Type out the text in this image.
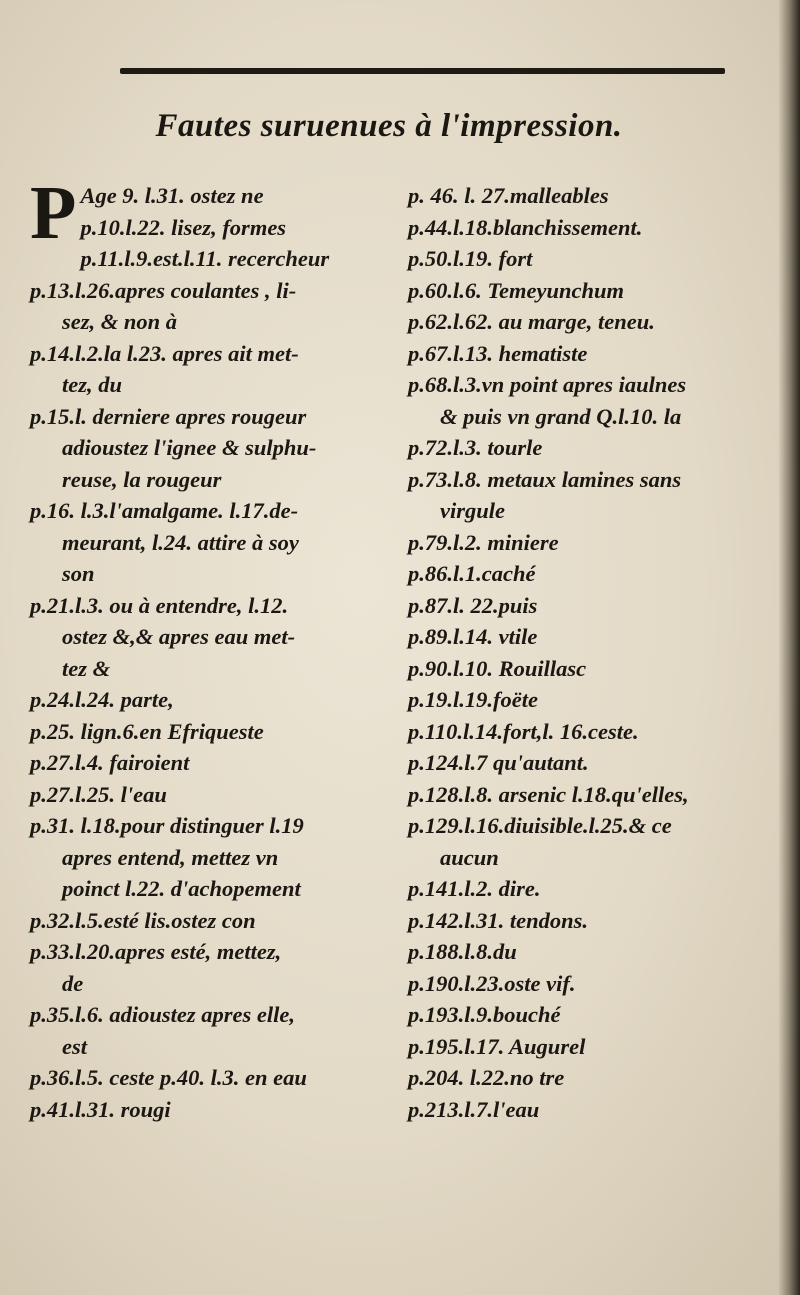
Fautes suruenues à l'impression.
P Age 9. l.31. ostez ne
p.10.l.22. lisez, formes
p.11.l.9.est.l.11. recercheur
p.13.l.26.apres coulantes , li-
sez, & non à
p.14.l.2.la l.23. apres ait met-
tez, du
p.15.l. derniere apres rougeur
adioustez l'ignee & sulphu-
reuse, la rougeur
p.16. l.3.l'amalgame. l.17.de-
meurant, l.24. attire à soy
son
p.21.l.3. ou à entendre, l.12.
ostez &,& apres eau met-
tez &
p.24.l.24. parte,
p.25. lign.6.en Efriqueste
p.27.l.4. fairoient
p.27.l.25. l'eau
p.31. l.18.pour distinguer l.19
apres entend, mettez vn
poinct l.22. d'achopement
p.32.l.5.esté lis.ostez con
p.33.l.20.apres esté, mettez,
de
p.35.l.6. adioustez apres elle,
est
p.36.l.5. ceste p.40. l.3. en eau
p.41.l.31. rougi
p. 46. l. 27.malleables
p.44.l.18.blanchissement.
p.50.l.19. fort
p.60.l.6. Temeyunchum
p.62.l.62. au marge, teneu.
p.67.l.13. hematiste
p.68.l.3.vn point apres iaulnes
& puis vn grand Q.l.10. la
p.72.l.3. tourle
p.73.l.8. metaux lamines sans
virgule
p.79.l.2. miniere
p.86.l.1.caché
p.87.l. 22.puis
p.89.l.14. vtile
p.90.l.10. Rouillasc
p.19.l.19.foëte
p.110.l.14.fort,l. 16.ceste.
p.124.l.7 qu'autant.
p.128.l.8. arsenic l.18.qu'elles,
p.129.l.16.diuisible.l.25.& ce
aucun
p.141.l.2. dire.
p.142.l.31. tendons.
p.188.l.8.du
p.190.l.23.oste vif.
p.193.l.9.bouché
p.195.l.17. Augurel
p.204. l.22.no tre
p.213.l.7.l'eau
